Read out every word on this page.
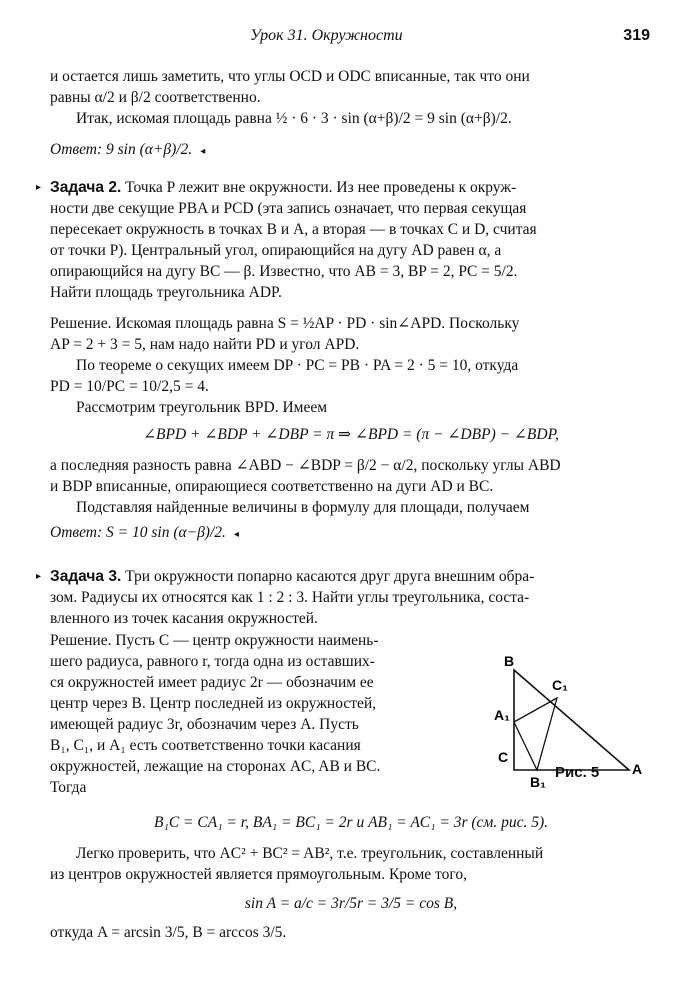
Урок 31. Окружности	319
и остается лишь заметить, что углы OCD и ODC вписанные, так что они
равны α/2 и β/2 соответственно.
Итак, искомая площадь равна ½ · 6 · 3 · sin (α+β)/2 = 9 sin (α+β)/2.
Ответ: 9 sin (α+β)/2. ◂
▸ Задача 2. Точка P лежит вне окружности. Из нее проведены к окруж-
ности две секущие PBA и PCD (эта запись означает, что первая секущая
пересекает окружность в точках B и A, а вторая — в точках C и D, считая
от точки P). Центральный угол, опирающийся на дугу AD равен α, а
опирающийся на дугу BC — β. Известно, что AB = 3, BP = 2, PC = 5/2.
Найти площадь треугольника ADP.
Решение. Искомая площадь равна S = ½AP · PD · sin∠APD. Поскольку
AP = 2 + 3 = 5, нам надо найти PD и угол APD.
По теореме о секущих имеем DP · PC = PB · PA = 2 · 5 = 10, откуда
PD = 10/PC = 10/2,5 = 4.
Рассмотрим треугольник BPD. Имеем
∠BPD + ∠BDP + ∠DBP = π ⇒ ∠BPD = (π − ∠DBP) − ∠BDP,
а последняя разность равна ∠ABD − ∠BDP = β/2 − α/2, поскольку углы ABD
и BDP вписанные, опирающиеся соответственно на дуги AD и BC.
Подставляя найденные величины в формулу для площади, получаем
Ответ: S = 10 sin (α−β)/2. ◂
▸ Задача 3. Три окружности попарно касаются друг друга внешним обра-
зом. Радиусы их относятся как 1 : 2 : 3. Найти углы треугольника, соста-
вленного из точек касания окружностей.
Решение. Пусть C — центр окружности наимень-
шего радиуса, равного r, тогда одна из оставших-
ся окружностей имеет радиус 2r — обозначим ее
центр через B. Центр последней из окружностей,
имеющей радиус 3r, обозначим через A. Пусть
B₁, C₁, и A₁ есть соответственно точки касания
окружностей, лежащие на сторонах AC, AB и BC.
Тогда
B
C₁
A₁
C
B₁
A
Рис. 5
B₁C = CA₁ = r, BA₁ = BC₁ = 2r и AB₁ = AC₁ = 3r (см. рис. 5).
Легко проверить, что AC² + BC² = AB², т.е. треугольник, составленный
из центров окружностей является прямоугольным. Кроме того,
sin A = a/c = 3r/5r = 3/5 = cos B,
откуда A = arcsin 3/5, B = arccos 3/5.
